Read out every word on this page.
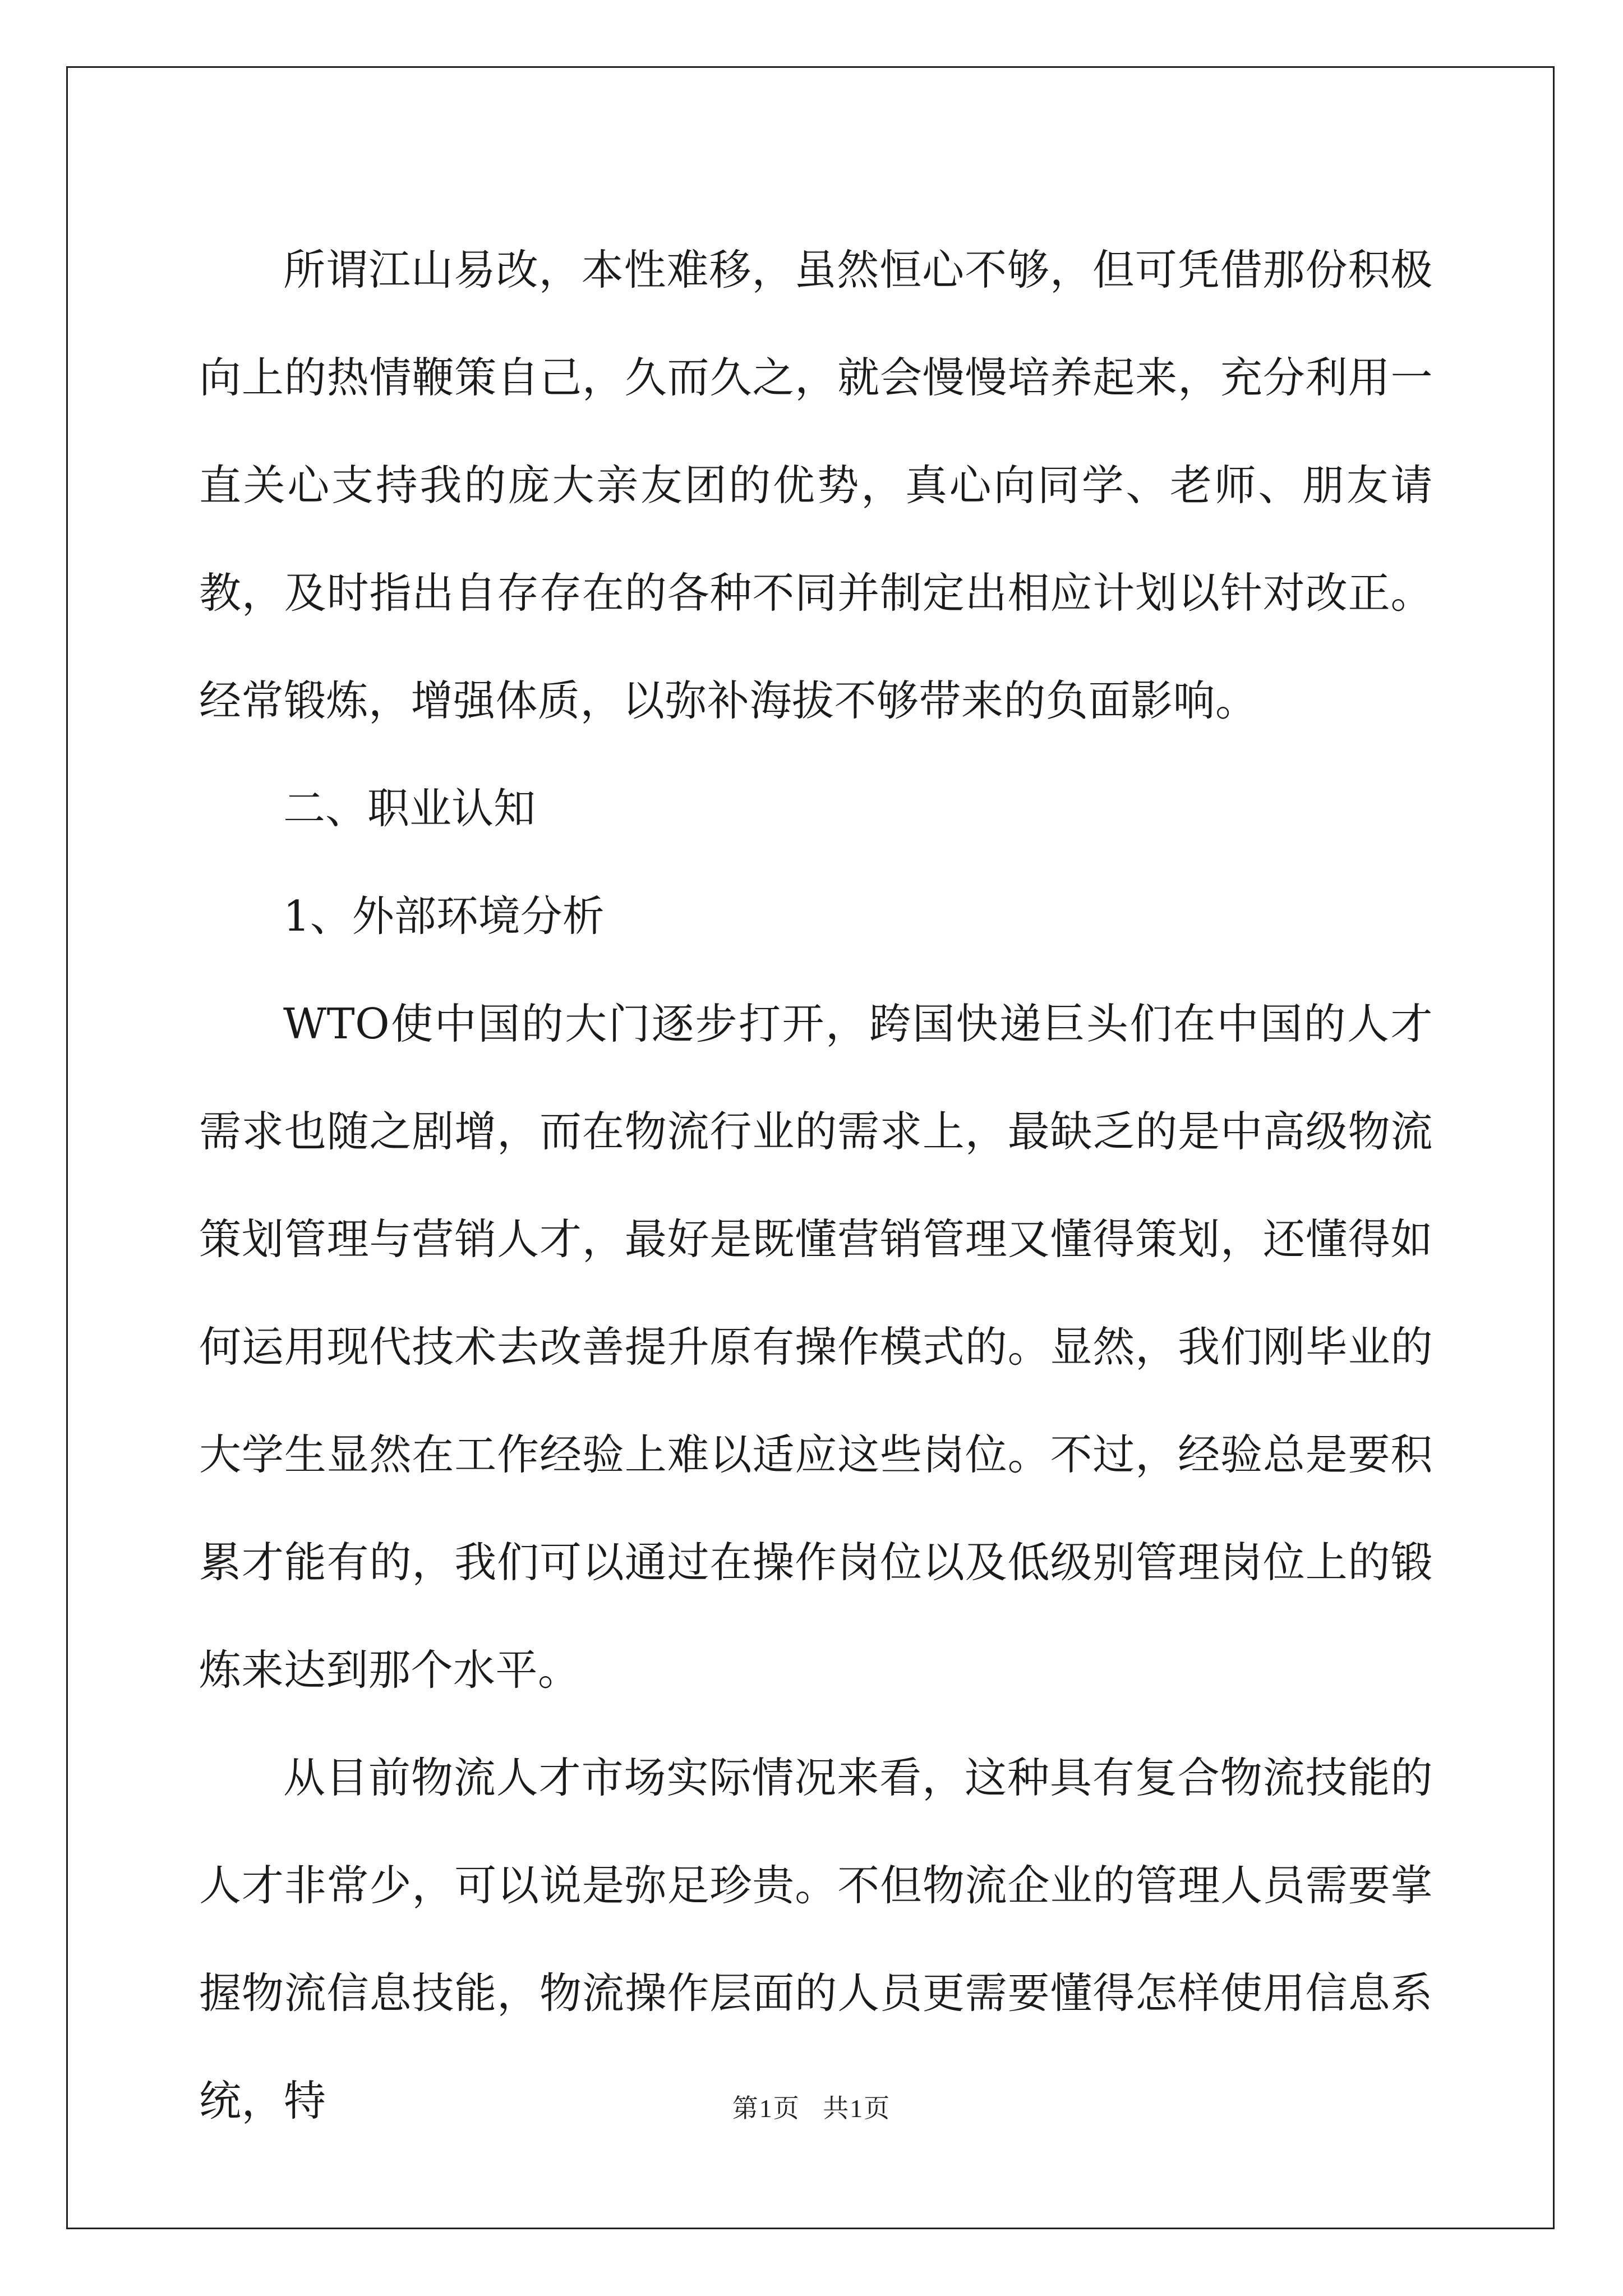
所谓江山易改，本性难移，虽然恒心不够，但可凭借那份积极向上的热情鞭策自己，久而久之，就会慢慢培养起来，充分利用一直关心支持我的庞大亲友团的优势，真心向同学、老师、朋友请教，及时指出自存存在的各种不同并制定出相应计划以针对改正。经常锻炼，增强体质，以弥补海拔不够带来的负面影响。

二、职业认知

1、外部环境分析

WTO使中国的大门逐步打开，跨国快递巨头们在中国的人才需求也随之剧增，而在物流行业的需求上，最缺乏的是中高级物流策划管理与营销人才，最好是既懂营销管理又懂得策划，还懂得如何运用现代技术去改善提升原有操作模式的。显然，我们刚毕业的大学生显然在工作经验上难以适应这些岗位。不过，经验总是要积累才能有的，我们可以通过在操作岗位以及低级别管理岗位上的锻炼来达到那个水平。

从目前物流人才市场实际情况来看，这种具有复合物流技能的人才非常少，可以说是弥足珍贵。不但物流企业的管理人员需要掌握物流信息技能，物流操作层面的人员更需要懂得怎样使用信息系统，特	第1页 共1页
